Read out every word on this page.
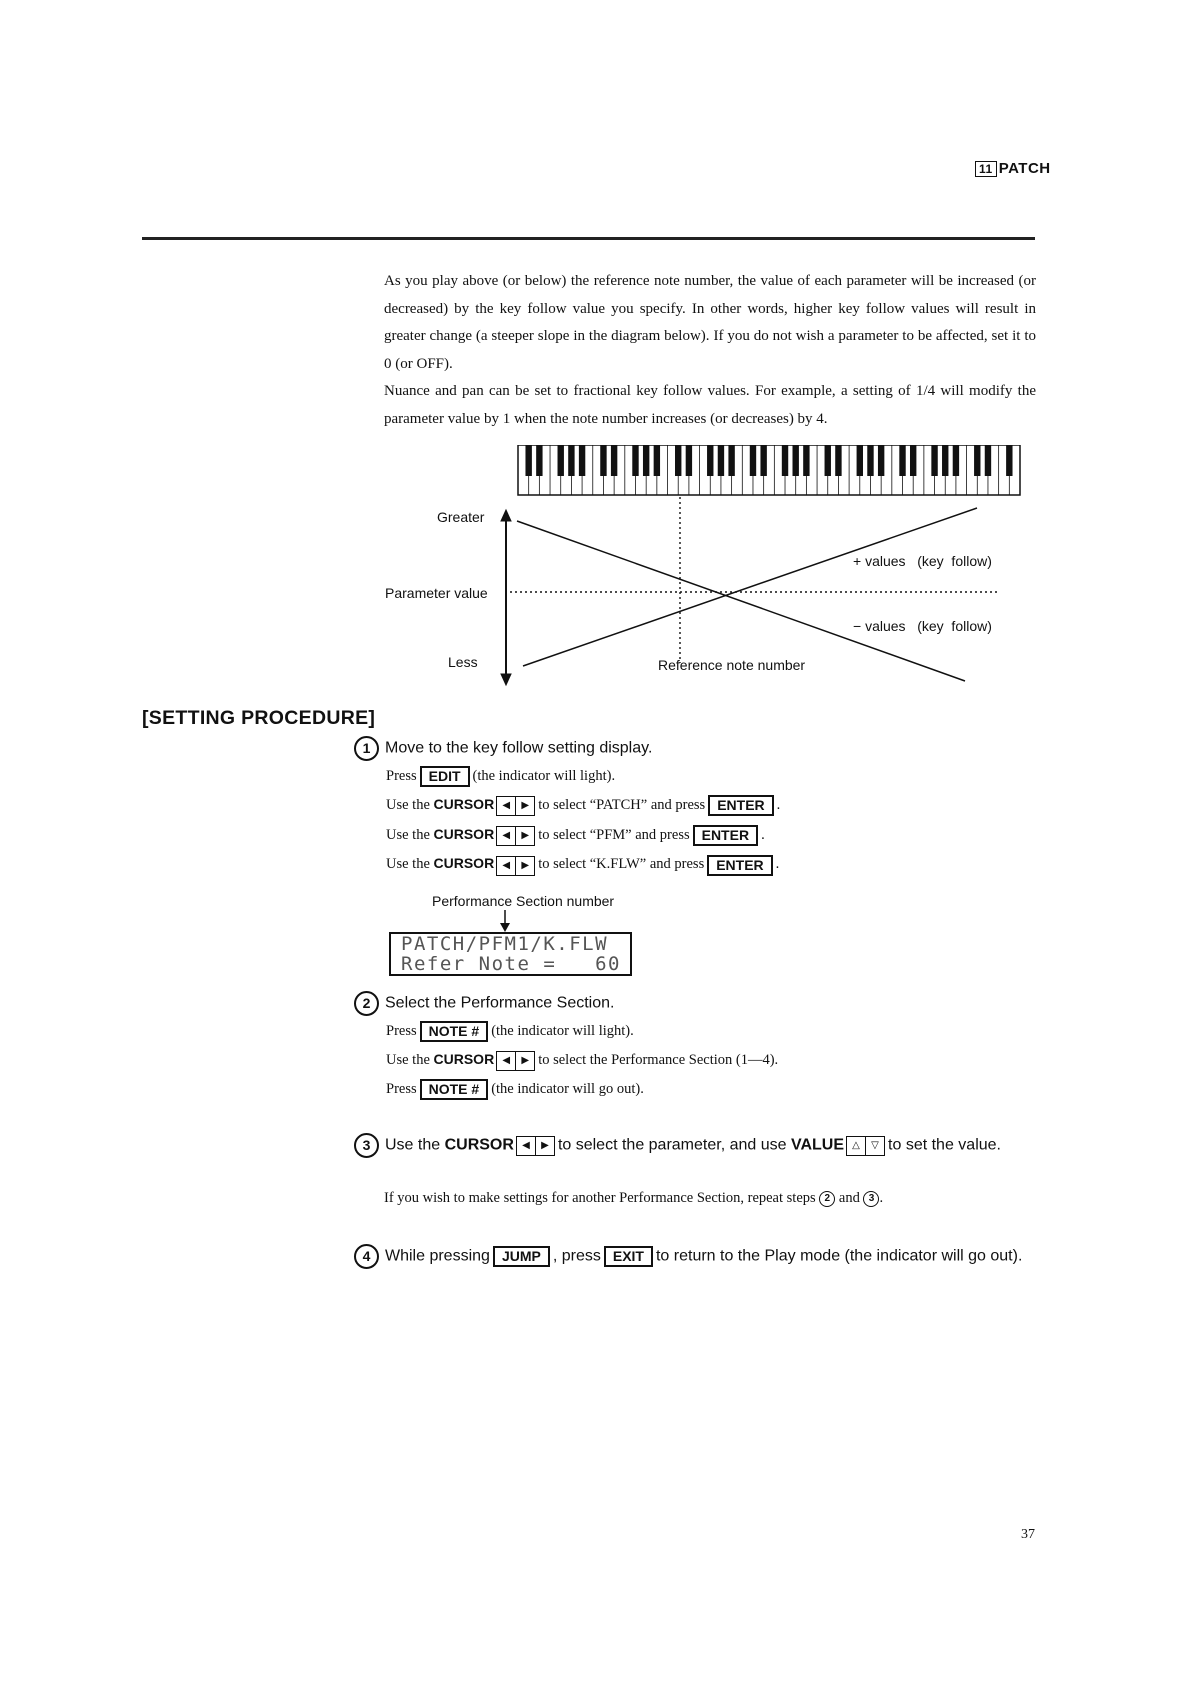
11 PATCH

As you play above (or below) the reference note number, the value of each parameter will be increased (or decreased) by the key follow value you specify. In other words, higher key follow values will result in greater change (a steeper slope in the diagram below). If you do not wish a parameter to be affected, set it to 0 (or OFF).

Nuance and pan can be set to fractional key follow values. For example, a setting of 1/4 will modify the parameter value by 1 when the note number increases (or decreases) by 4.

Greater
Parameter value
Less
+ values   (key  follow)
− values   (key  follow)
Reference note number
[SETTING PROCEDURE]
1 Move to the key follow setting display.
Press EDIT (the indicator will light).
Use the CURSOR ◀ ▶ to select “PATCH” and press ENTER .
Use the CURSOR ◀ ▶ to select “PFM” and press ENTER .
Use the CURSOR ◀ ▶ to select “K.FLW” and press ENTER .
Performance Section number
PATCH/PFM1/K.FLW
Refer Note =   60
2 Select the Performance Section.
Press NOTE # (the indicator will light).
Use the CURSOR ◀ ▶ to select the Performance Section (1—4).
Press NOTE # (the indicator will go out).
3 Use the CURSOR ◀ ▶ to select the parameter, and use VALUE △ ▽ to set the value.
If you wish to make settings for another Performance Section, repeat steps 2 and 3 .
4 While pressing JUMP , press EXIT to return to the Play mode (the indicator will go out).
37
